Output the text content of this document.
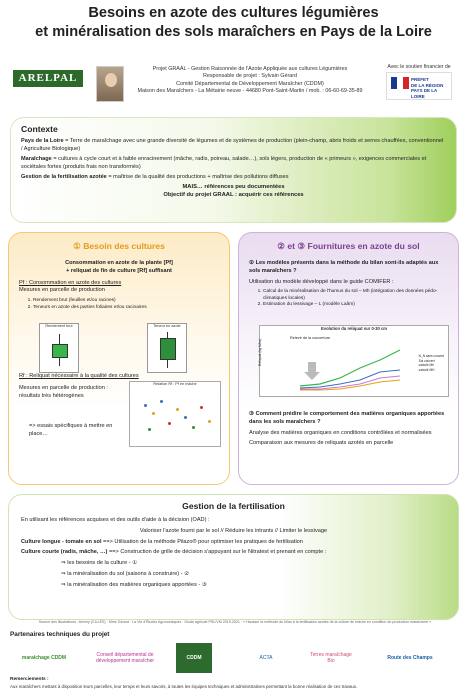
Besoins en azote des cultures légumières
et minéralisation des sols maraîchers en Pays de la Loire
ARELPAL
Projet GRAAL - Gestion Raisonnée de l'Azote Appliquée aux cultures Légumières
Responsable de projet : Sylvain Gérard
Comité Départemental de Développement Maraîcher (CDDM)
Maison des Maraîchers - La Métairie neuve - 44680 Pont-Saint-Martin / mob. : 06-60-69-35-89
Avec le soutien financier de
PRÉFET
DE LA RÉGION
PAYS DE LA LOIRE
Contexte

Pays de la Loire = Terre de maraîchage avec une grande diversité de légumes et de systèmes de production (plein-champ, abris froids et serres chauffées, conventionnel / Agriculture Biologique)

Maraîchage = cultures à cycle court et à faible enracinement (mâche, radis, poireau, salade…), sols légers, production de « primeurs », exigences commerciales et sociétales fortes (produits frais non transformés)

Gestion de la fertilisation azotée = maîtrise de la qualité des productions + maîtrise des pollutions diffuses

MAIS… références peu documentées
Objectif du projet GRAAL : acquérir ces références
① Besoin des cultures
Consommation en azote de la plante [Pf]
+ reliquat de fin de culture [Rf] suffisant
Pf : Consommation en azote des cultures
Mesures en parcelle de production
1. Rendement brut (feuilles et/ou racines)
2. Teneurs en azote des parties foliaires et/ou racinaires
Rendement brut	Teneur en azote
Rf : Reliquat nécessaire à la qualité des cultures
Mesures en parcelle de production : résultats très hétérogènes
=> essais spécifiques à mettre en place…
Relation Rf : Pf en mâche
② et ③ Fournitures en azote du sol
② Les modèles présents dans la méthode du bilan sont-ils adaptés aux sols maraîchers ?
Utilisation du modèle développé dans le guide COMIFER :
1. Calcul de la minéralisation de l'humus du sol – Mh (intégration des données pédo-climatiques locales)
2. Estimation du lessivage – L (modèle Laâm)
Evolution du reliquat sur 0-30 cm
Relevé de la couverture
Reliquat (kg N/ha)	N_N sans couvert
Sol couvert
calculé Mh
calculé MH
③ Comment prédire le comportement des matières organiques apportées dans les sols maraîchers ?
Analyse des matières organiques en conditions contrôlées et normalisées
Comparaison aux mesures de reliquats azotés en parcelle
Gestion de la fertilisation
En utilisant les références acquises et des outils d'aide à la décision (OAD) :
Valoriser l'azote fourni par le sol // Réduire les intrants // Limiter le lessivage
Culture longue - tomate en sol ==> Utilisation de la méthode Pilazo® pour optimiser les pratiques de fertilisation
Culture courte (radis, mâche, …) ==> Construction de grille de décision s'appuyant sur le Nitratest et prenant en compte :
⇒ les besoins de la culture - ①
⇒ la minéralisation du sol (saisons à construire) - ②
⇒ la minéralisation des matières organiques apportées - ③
Source des illustrations : Arrivey (CILLÈS) · Mme Gérard · La Vie d'Études Agronomiques · Guide agricole PSL/VM 2019-2021 · « Hausser la méthode du bilan à la fertilisation azotée de la culture de mâche en condition de production maraîchère »
Partenaires techniques du projet
maraîchage CDDM	Conseil départemental de développement maraîcher	CDDM	ACTA	Terres maraîchage Bio	Route des Champs
Remerciements :
Aux maraîchers mettant à disposition leurs parcelles, leur temps et leurs savoirs, à toutes les équipes techniques et administratives permettant la bonne réalisation de ces travaux.
